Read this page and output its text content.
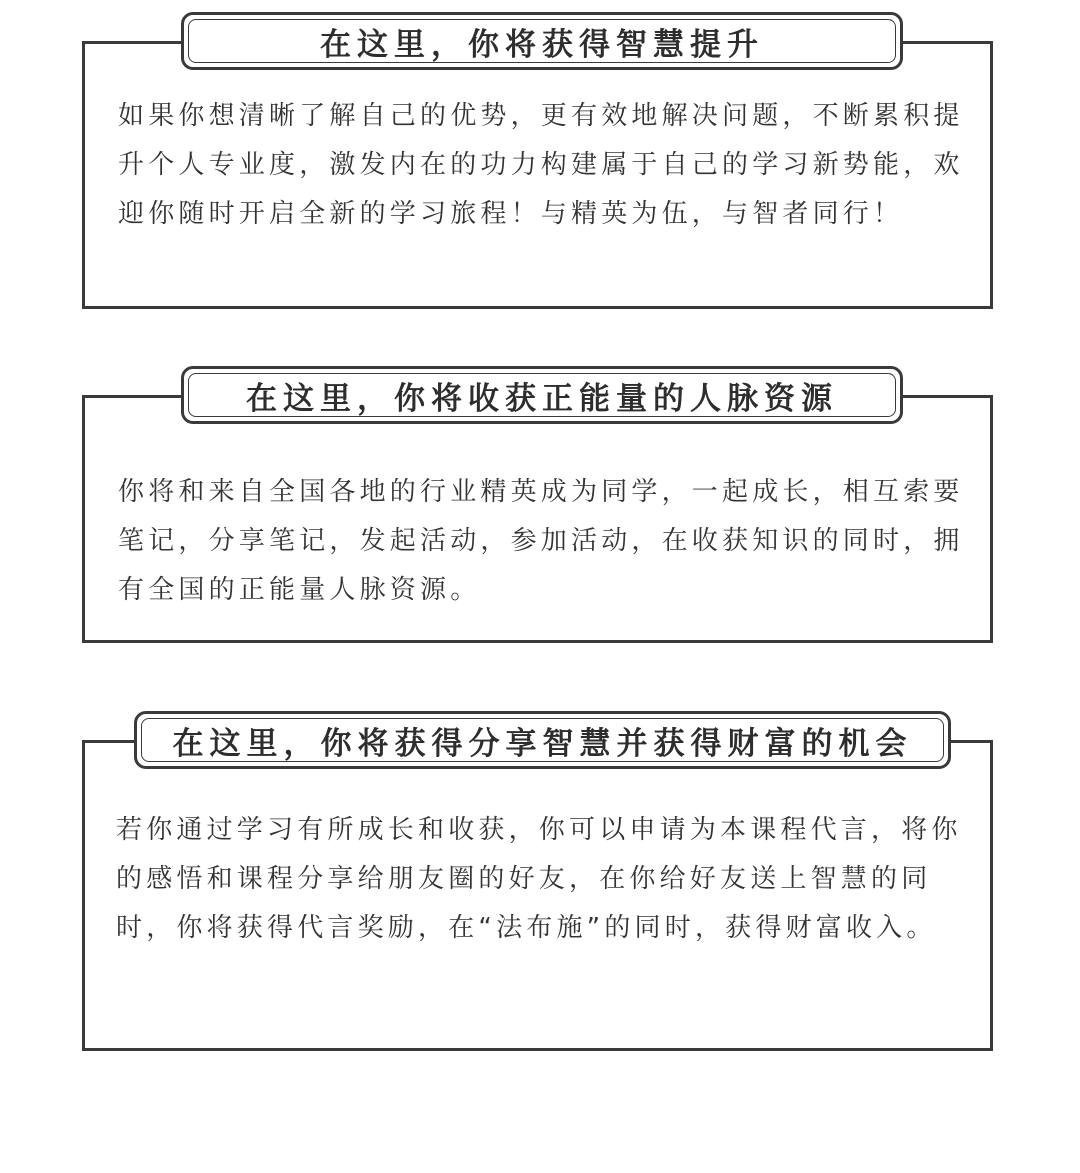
在这里，你将获得智慧提升

如果你想清晰了解自己的优势，更有效地解决问题，不断累积提升个人专业度，激发内在的功力构建属于自己的学习新势能，欢迎你随时开启全新的学习旅程！与精英为伍，与智者同行！

在这里，你将收获正能量的人脉资源

你将和来自全国各地的行业精英成为同学，一起成长，相互索要笔记，分享笔记，发起活动，参加活动，在收获知识的同时，拥有全国的正能量人脉资源。

在这里，你将获得分享智慧并获得财富的机会

若你通过学习有所成长和收获，你可以申请为本课程代言，将你的感悟和课程分享给朋友圈的好友，在你给好友送上智慧的同时，你将获得代言奖励，在“法布施”的同时，获得财富收入。
